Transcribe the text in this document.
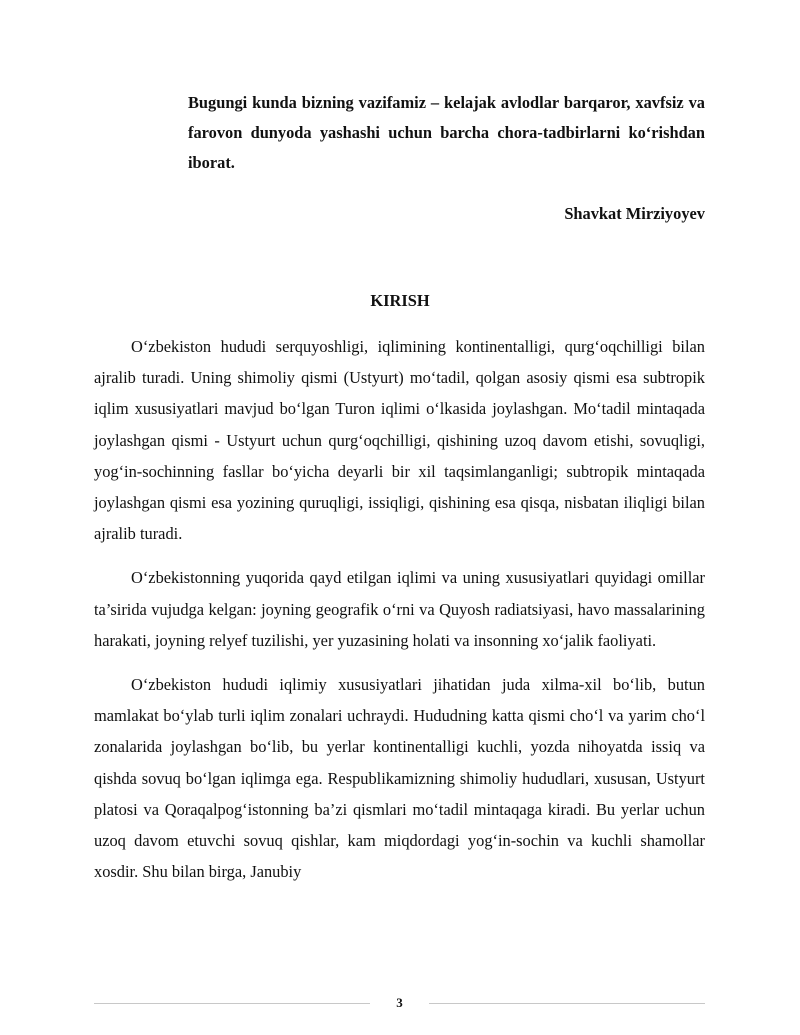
Bugungi kunda bizning vazifamiz – kelajak avlodlar barqaror, xavfsiz va farovon dunyoda yashashi uchun barcha chora-tadbirlarni ko‘rishdan iborat.
Shavkat Mirziyoyev
KIRISH

O‘zbekiston hududi serquyoshligi, iqlimining kontinentalligi, qurg‘oqchilligi bilan ajralib turadi. Uning shimoliy qismi (Ustyurt) mo‘tadil, qolgan asosiy qismi esa subtropik iqlim xususiyatlari mavjud bo‘lgan Turon iqlimi o‘lkasida joylashgan. Mo‘tadil mintaqada joylashgan qismi - Ustyurt uchun qurg‘oqchilligi, qishining uzoq davom etishi, sovuqligi, yog‘in-sochinning fasllar bo‘yicha deyarli bir xil taqsimlanganligi; subtropik mintaqada joylashgan qismi esa yozining quruqligi, issiqligi, qishining esa qisqa, nisbatan iliqligi bilan ajralib turadi.

O‘zbekistonning yuqorida qayd etilgan iqlimi va uning xususiyatlari quyidagi omillar ta’sirida vujudga kelgan: joyning geografik o‘rni va Quyosh radiatsiyasi, havo massalarining harakati, joyning relyef tuzilishi, yer yuzasining holati va insonning xo‘jalik faoliyati.

O‘zbekiston hududi iqlimiy xususiyatlari jihatidan juda xilma-xil bo‘lib, butun mamlakat bo‘ylab turli iqlim zonalari uchraydi. Hududning katta qismi cho‘l va yarim cho‘l zonalarida joylashgan bo‘lib, bu yerlar kontinentalligi kuchli, yozda nihoyatda issiq va qishda sovuq bo‘lgan iqlimga ega. Respublikamizning shimoliy hududlari, xususan, Ustyurt platosi va Qoraqalpog‘istonning ba’zi qismlari mo‘tadil mintaqaga kiradi. Bu yerlar uchun uzoq davom etuvchi sovuq qishlar, kam miqdordagi yog‘in-sochin va kuchli shamollar xosdir. Shu bilan birga, Janubiy

3
